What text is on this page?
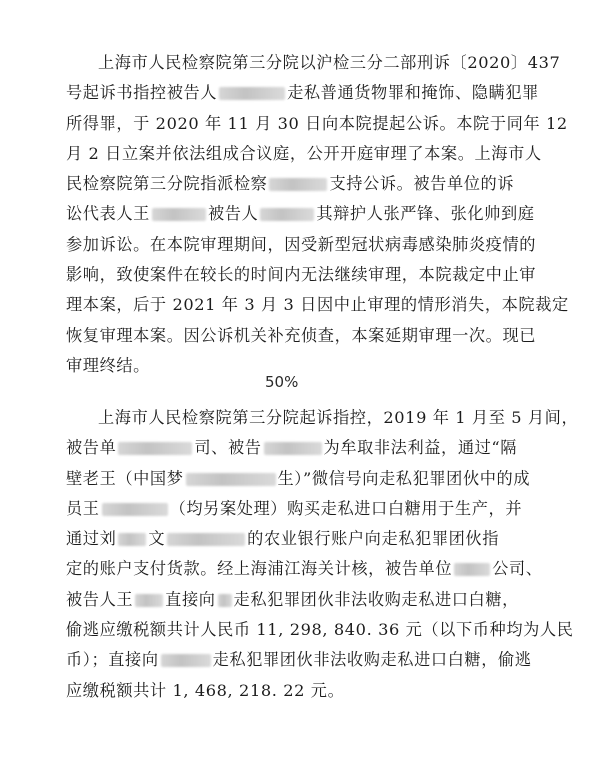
上海市人民检察院第三分院以沪检三分二部刑诉〔2020〕437
号起诉书指控被告人	走私普通货物罪和掩饰、隐瞒犯罪
所得罪，于 2020 年 11 月 30 日向本院提起公诉。本院于同年 12
月 2 日立案并依法组成合议庭，公开开庭审理了本案。上海市人
民检察院第三分院指派检察	支持公诉。被告单位的诉
讼代表人王	被告人	其辩护人张严锋、张化帅到庭
参加诉讼。在本院审理期间，因受新型冠状病毒感染肺炎疫情的
影响，致使案件在较长的时间内无法继续审理，本院裁定中止审
理本案，后于 2021 年 3 月 3 日因中止审理的情形消失，本院裁定
恢复审理本案。因公诉机关补充侦查，本案延期审理一次。现已
审理终结。
上海市人民检察院第三分院起诉指控，2019 年 1 月至 5 月间，
被告单	司、被告	为牟取非法利益，通过“隔
壁老王（中国梦	生）”微信号向走私犯罪团伙中的成
员王	（均另案处理）购买走私进口白糖用于生产，并
通过刘 文	的农业银行账户向走私犯罪团伙指
定的账户支付货款。经上海浦江海关计核，被告单位 公司、
被告人王 直接向 走私犯罪团伙非法收购走私进口白糖，
偷逃应缴税额共计人民币 11, 298, 840. 36 元（以下币种均为人民
币）；直接向	走私犯罪团伙非法收购走私进口白糖，偷逃
应缴税额共计 1, 468, 218. 22 元。
50%
